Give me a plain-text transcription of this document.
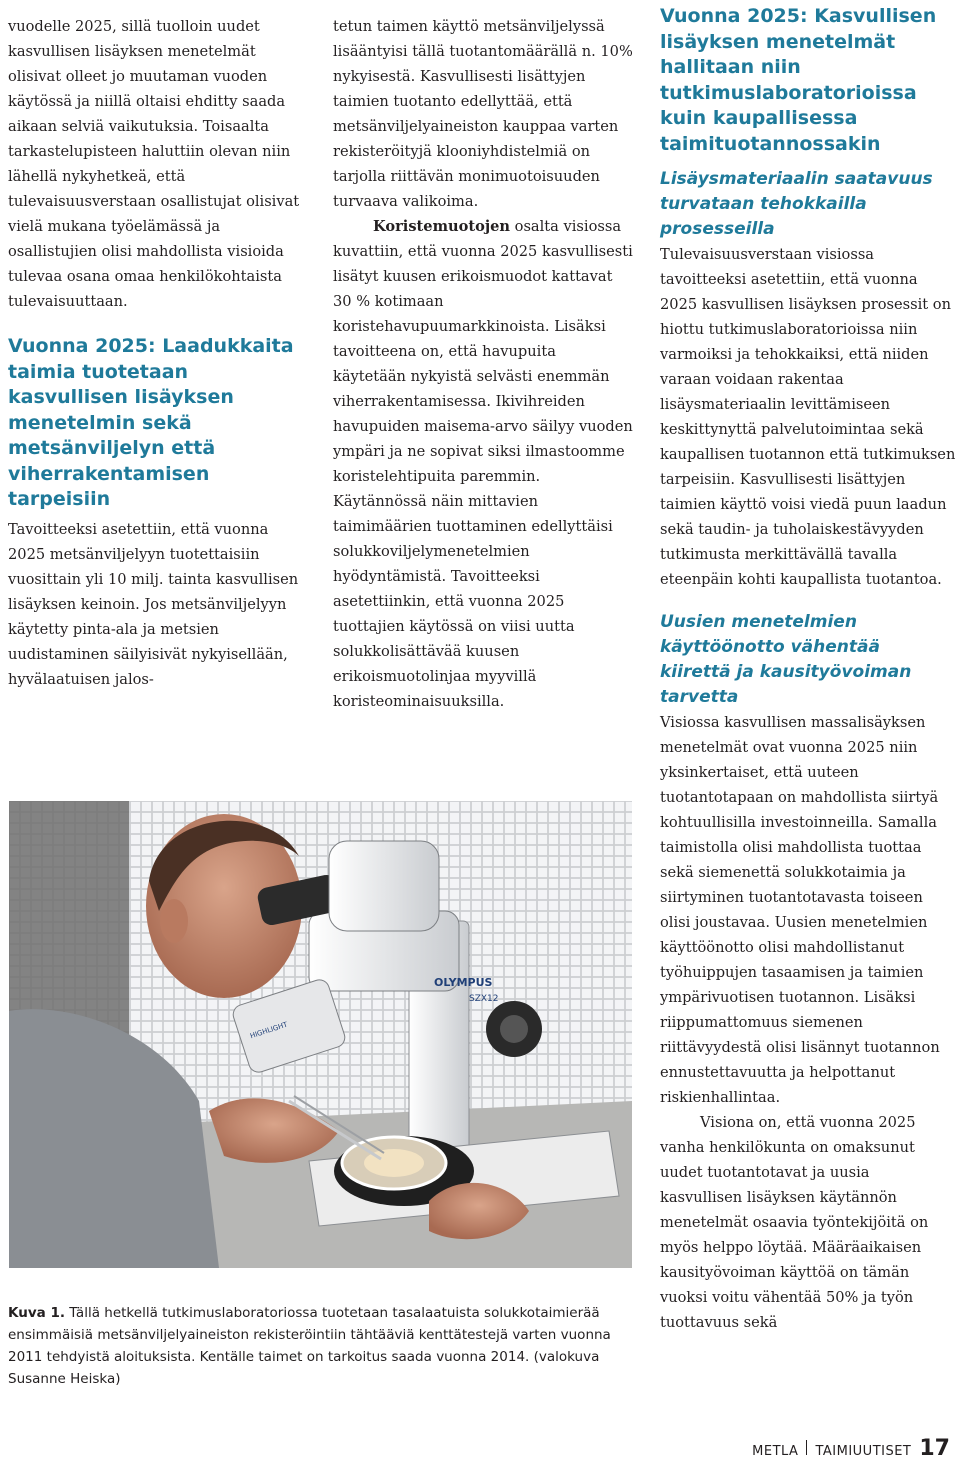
vuodelle 2025, sillä tuolloin uudet kasvullisen lisäyksen menetelmät olisivat olleet jo muutaman vuoden käytössä ja niillä oltaisi ehditty saada aikaan selviä vaikutuksia. Toisaalta tarkastelupisteen haluttiin olevan niin lähellä nykyhetkeä, että tulevaisuusverstaan osallistujat olisivat vielä mukana työelämässä ja osallistujien olisi mahdollista visioida tulevaa osana omaa henkilökohtaista tulevaisuuttaan.

Vuonna 2025: Laadukkaita taimia tuotetaan kasvullisen lisäyksen menetelmin sekä metsänviljelyn että viherrakentamisen tarpeisiin

Tavoitteeksi asetettiin, että vuonna 2025 metsänviljelyyn tuotettaisiin vuosittain yli 10 milj. tainta kasvullisen lisäyksen keinoin. Jos metsänviljelyyn käytetty pinta-ala ja metsien uudistaminen säilyisivät nykyisellään, hyvälaatuisen jalos-

tetun taimen käyttö metsänviljelyssä lisääntyisi tällä tuotantomäärällä n. 10% nykyisestä. Kasvullisesti lisättyjen taimien tuotanto edellyttää, että metsänviljelyaineiston kauppaa varten rekisteröityjä klooniyhdistelmiä on tarjolla riittävän monimuotoisuuden turvaava valikoima.

Koristemuotojen osalta visiossa kuvattiin, että vuonna 2025 kasvullisesti lisätyt kuusen erikoismuodot kattavat 30 % kotimaan koristehavupuumarkkinoista. Lisäksi tavoitteena on, että havupuita käytetään nykyistä selvästi enemmän viherrakentamisessa. Ikivihreiden havupuiden maisema-arvo säilyy vuoden ympäri ja ne sopivat siksi ilmastoomme koristelehtipuita paremmin. Käytännössä näin mittavien taimimäärien tuottaminen edellyttäisi solukkoviljelymenetelmien hyödyntämistä. Tavoitteeksi asetettiinkin, että vuonna 2025 tuottajien käytössä on viisi uutta solukkolisättävää kuusen erikoismuotolinjaa myyvillä koristeominaisuuksilla.

Vuonna 2025: Kasvullisen lisäyksen menetelmät hallitaan niin tutkimuslaboratorioissa kuin kaupallisessa taimituotannossakin
Lisäysmateriaalin saatavuus turvataan tehokkailla prosesseilla

Tulevaisuusverstaan visiossa tavoitteeksi asetettiin, että vuonna 2025 kasvullisen lisäyksen prosessit on hiottu tutkimuslaboratorioissa niin varmoiksi ja tehokkaiksi, että niiden varaan voidaan rakentaa lisäysmateriaalin levittämiseen keskittynyttä palvelutoimintaa sekä kaupallisen tuotannon että tutkimuksen tarpeisiin. Kasvullisesti lisättyjen taimien käyttö voisi viedä puun laadun sekä taudin- ja tuholaiskestävyyden tutkimusta merkittävällä tavalla eteenpäin kohti kaupallista tuotantoa.

Uusien menetelmien käyttöönotto vähentää kiirettä ja kausityövoiman tarvetta

Visiossa kasvullisen massalisäyksen menetelmät ovat vuonna 2025 niin yksinkertaiset, että uuteen tuotantotapaan on mahdollista siirtyä kohtuullisilla investoinneilla. Samalla taimistolla olisi mahdollista tuottaa sekä siemenettä solukkotaimia ja siirtyminen tuotantotavasta toiseen olisi joustavaa. Uusien menetelmien käyttöönotto olisi mahdollistanut työhuippujen tasaamisen ja taimien ympärivuotisen tuotannon. Lisäksi riippumattomuus siemenen riittävyydestä olisi lisännyt tuotannon ennustettavuutta ja helpottanut riskienhallintaa.

Visiona on, että vuonna 2025 vanha henkilökunta on omaksunut uudet tuotantotavat ja uusia kasvullisen lisäyksen käytännön menetelmät osaavia työntekijöitä on myös helppo löytää. Määräaikaisen kausityövoiman käyttöä on tämän vuoksi voitu vähentää 50% ja työn tuottavuus sekä

OLYMPUS
SZX12
HIGHLIGHT

Kuva 1. Tällä hetkellä tutkimuslaboratoriossa tuotetaan tasalaatuista solukkotaimierää ensimmäisiä metsänviljelyaineiston rekisteröintiin tähtääviä kenttätestejä varten vuonna 2011 tehdyistä aloituksista. Kentälle taimet on tarkoitus saada vuonna 2014. (valokuva Susanne Heiska)

METLA TAIMIUUTISET 17
